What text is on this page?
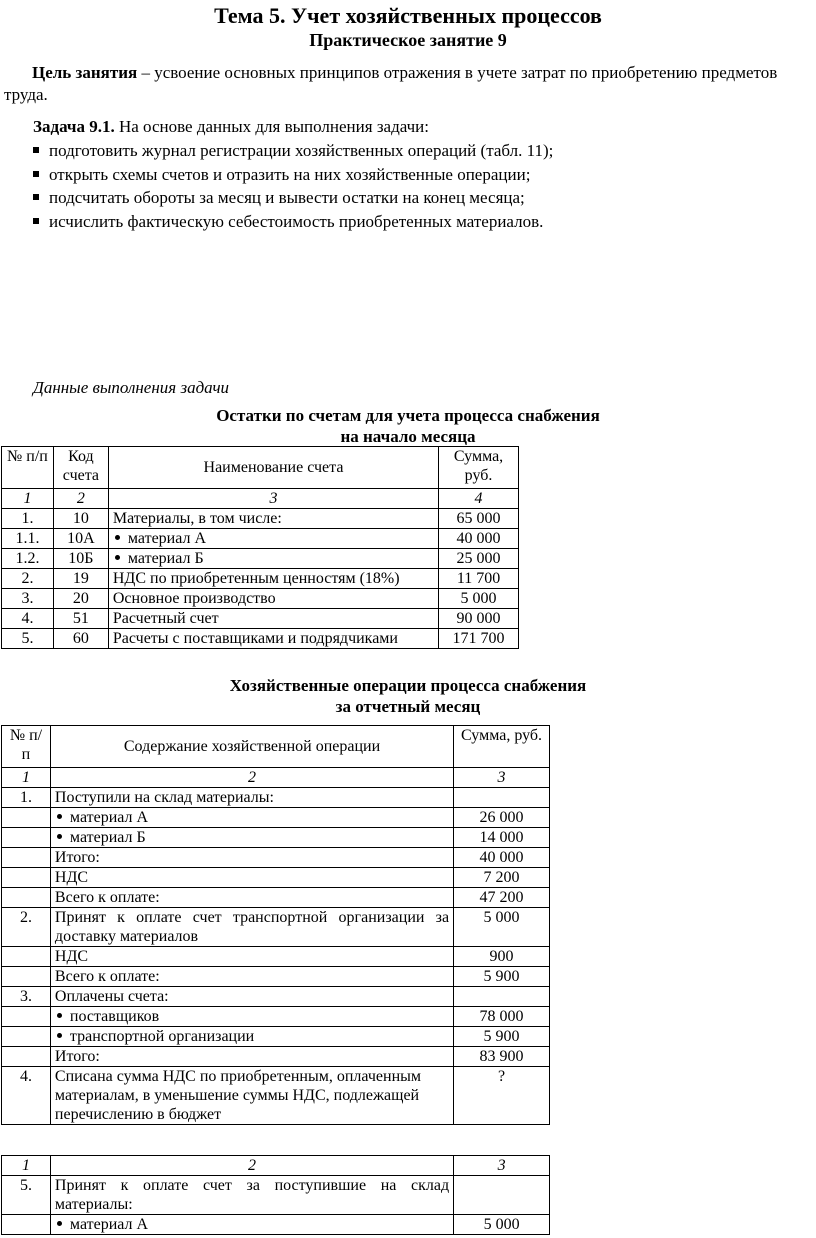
Тема 5. Учет хозяйственных процессов
Практическое занятие 9
Цель занятия – усвоение основных принципов отражения в учете затрат по приобретению предметов труда.
Задача 9.1. На основе данных для выполнения задачи:
подготовить журнал регистрации хозяйственных операций (табл. 11);
открыть схемы счетов и отразить на них хозяйственные операции;
подсчитать обороты за месяц и вывести остатки на конец месяца;
исчислить фактическую себестоимость приобретенных материалов.
Данные выполнения задачи
Остатки по счетам для учета процесса снабжения
на начало месяца
№ п/п	Код счета	Наименование счета	Сумма, руб.
1	2	3	4
1.	10	Материалы, в том числе:	65 000
1.1.	10А	материал А	40 000
1.2.	10Б	материал Б	25 000
2.	19	НДС по приобретенным ценностям (18%)	11 700
3.	20	Основное производство	5 000
4.	51	Расчетный счет	90 000
5.	60	Расчеты с поставщиками и подрядчиками	171 700
Хозяйственные операции процесса снабжения
за отчетный месяц
№ п/п	Содержание хозяйственной операции	Сумма, руб.
1	2	3
1.	Поступили на склад материалы:	
	материал А	26 000
	материал Б	14 000
	Итого:	40 000
	НДС	7 200
	Всего к оплате:	47 200
2.	Принят к оплате счет транспортной организации за доставку материалов	5 000
	НДС	900
	Всего к оплате:	5 900
3.	Оплачены счета:	
	поставщиков	78 000
	транспортной организации	5 900
	Итого:	83 900
4.	Списана сумма НДС по приобретенным, оплаченным материалам, в уменьшение суммы НДС, подлежащей перечислению в бюджет	?
1	2	3
5.	Принят к оплате счет за поступившие на склад материалы:	
	материал А	5 000
